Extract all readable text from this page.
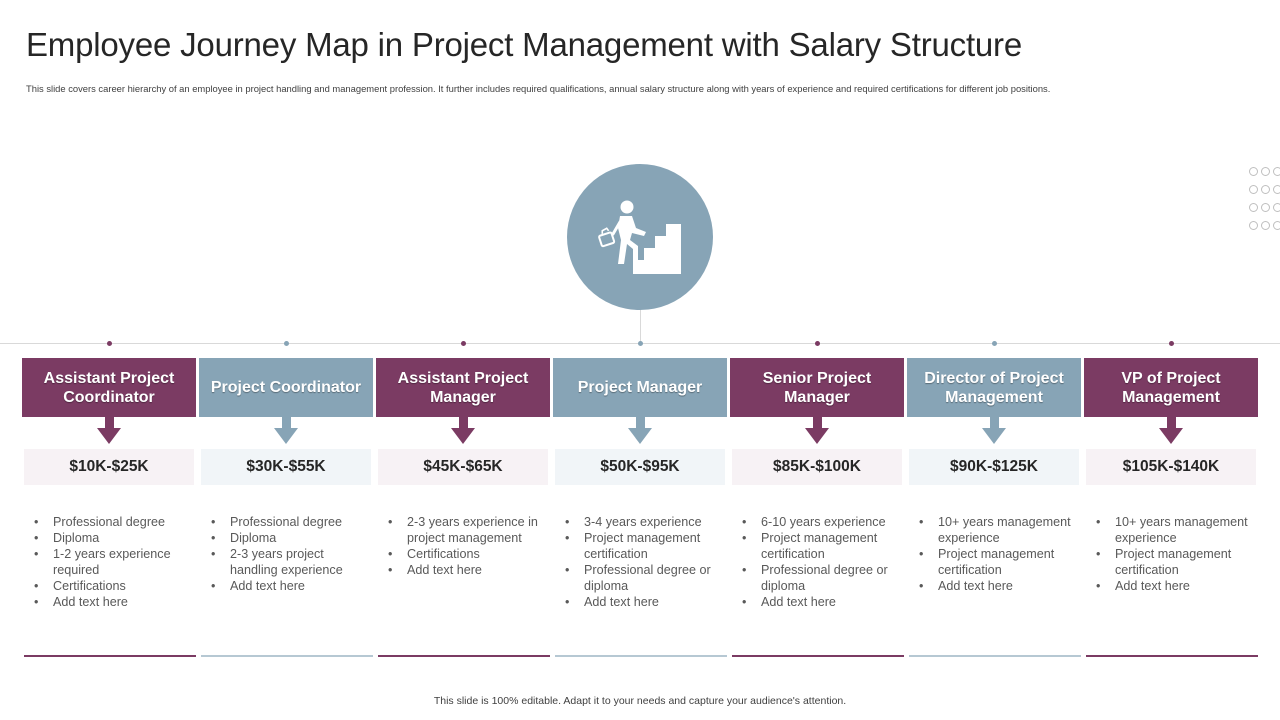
Employee Journey Map in Project Management with Salary Structure
This slide covers career hierarchy of an employee in project handling and management profession. It further includes required qualifications, annual salary structure along with years of experience and required certifications for different job positions.
Assistant Project Coordinator
$10K-$25K
• Professional degree
• Diploma
• 1-2 years experience required
• Certifications
• Add text here
Project Coordinator
$30K-$55K
• Professional degree
• Diploma
• 2-3 years project handling experience
• Add text here
Assistant Project Manager
$45K-$65K
• 2-3 years experience in project management
• Certifications
• Add text here
Project Manager
$50K-$95K
• 3-4 years experience
• Project management certification
• Professional degree or diploma
• Add text here
Senior Project Manager
$85K-$100K
• 6-10 years experience
• Project management certification
• Professional degree or diploma
• Add text here
Director of Project Management
$90K-$125K
• 10+ years management experience
• Project management certification
• Add text here
VP of Project Management
$105K-$140K
• 10+ years management experience
• Project management certification
• Add text here
This slide is 100% editable. Adapt it to your needs and capture your audience's attention.
